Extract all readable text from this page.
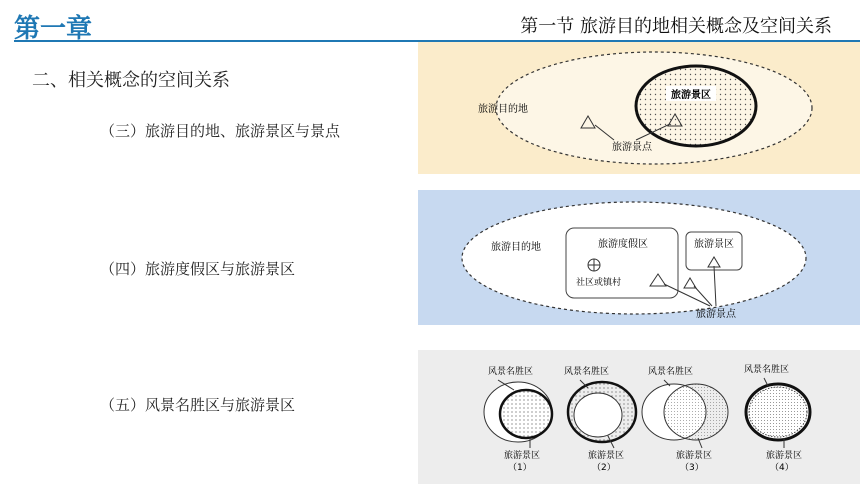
第一章	第一节 旅游目的地相关概念及空间关系
二、相关概念的空间关系
（三）旅游目的地、旅游景区与景点
（四）旅游度假区与旅游景区
（五）风景名胜区与旅游景区
旅游景区
旅游目的地
旅游景点
旅游目的地	旅游度假区
社区或镇村
旅游景区
旅游景点
风景名胜区
旅游景区
（1）
风景名胜区
旅游景区
（2）
风景名胜区
旅游景区
（3）
风景名胜区
旅游景区
（4）
